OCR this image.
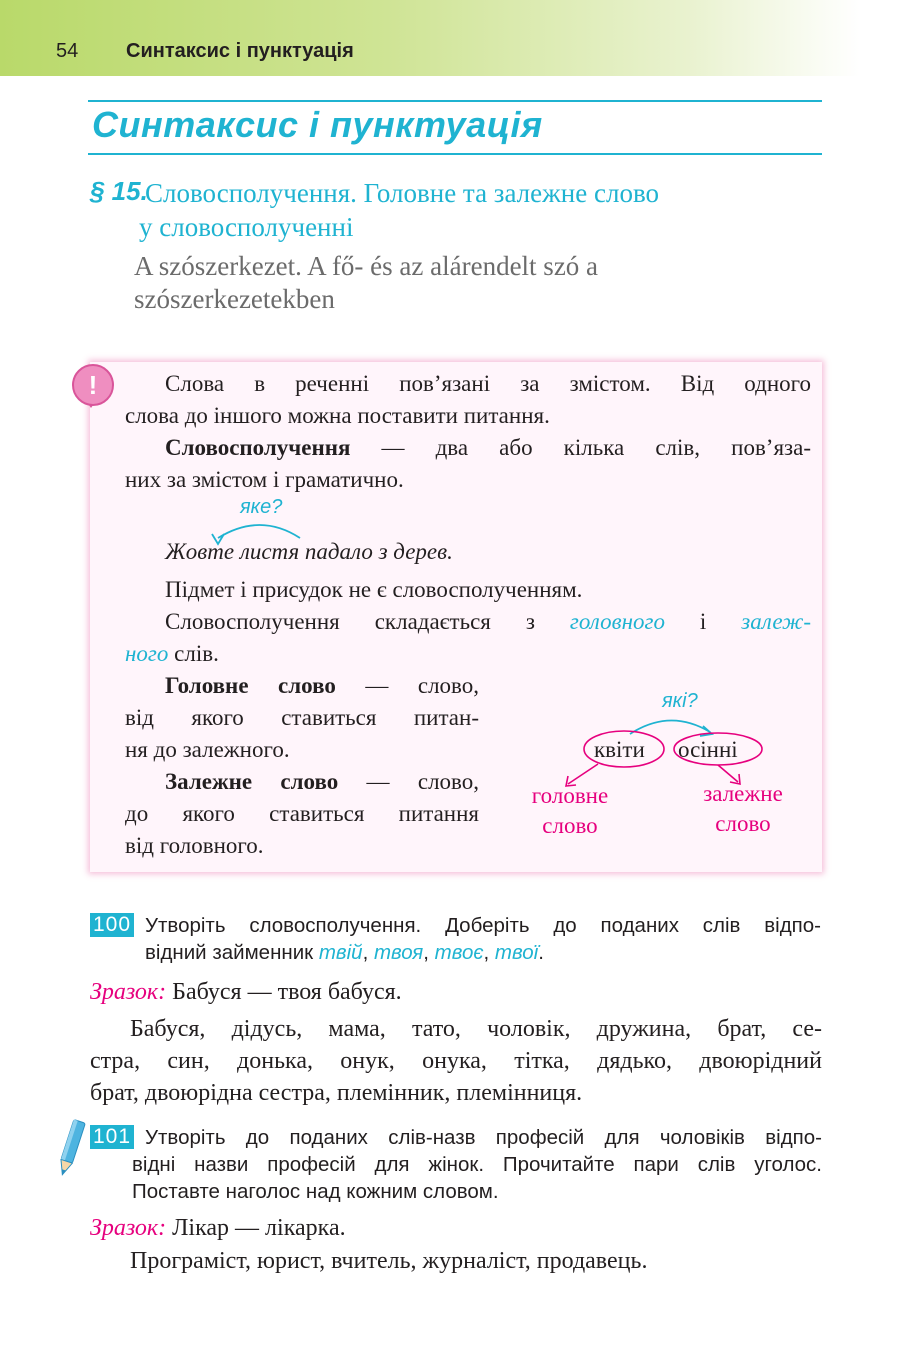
54 Синтаксис і пунктуація
Синтаксис і пунктуація
§ 15.
Словосполучення. Головне та залежне слово
у словосполученні
A szószerkezet. A fő- és az alárendelt szó a
szószerkezetekben
!	Слова в реченні пов’язані за змістом. Від одного
слова до іншого можна поставити питання.
Словосполучення — два або кілька слів, пов’яза-
них за змістом і граматично.
яке?
Жовте листя падало з дерев.
Підмет і присудок не є словосполученням.
Словосполучення складається з головного і залеж-
ного слів.
Головне слово — слово,
від якого ставиться питан-
ня до залежного.
Залежне слово — слово,
до якого ставиться питання
від головного.
які?
квіти осінні
головне
слово
залежне
слово
100 Утворіть словосполучення. Доберіть до поданих слів відпо-
відний займенник твій, твоя, твоє, твої.
Зразок: Бабуся — твоя бабуся.
Бабуся, дідусь, мама, тато, чоловік, дружина, брат, се-
стра, син, донька, онук, онука, тітка, дядько, двоюрідний
брат, двоюрідна сестра, племінник, племінниця.
101 Утворіть до поданих слів-назв професій для чоловіків відпо-
відні назви професій для жінок. Прочитайте пари слів уголос.
Поставте наголос над кожним словом.
Зразок: Лікар — лікарка.
Програміст, юрист, вчитель, журналіст, продавець.
